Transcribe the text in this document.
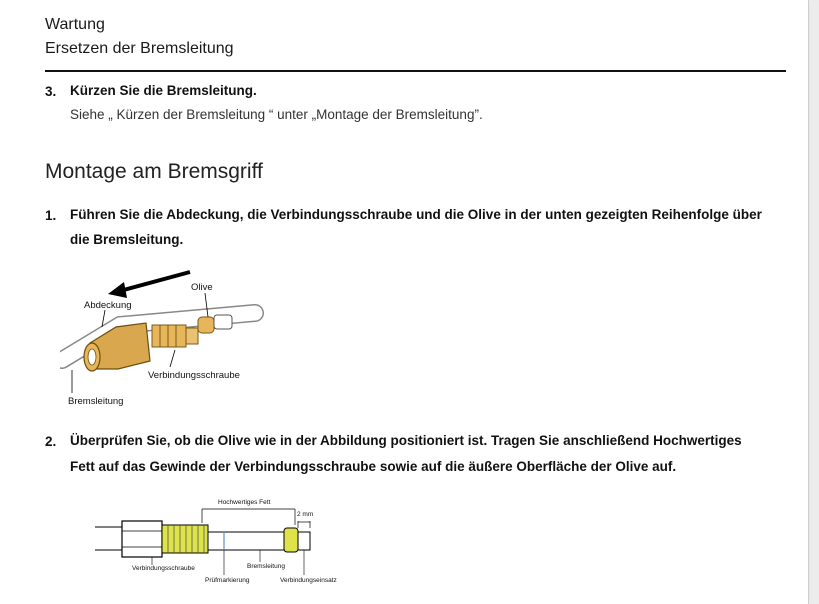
Wartung
Ersetzen der Bremsleitung
3. Kürzen Sie die Bremsleitung.
Siehe „ Kürzen der Bremsleitung “ unter „Montage der Bremsleitung”.
Montage am Bremsgriff
1. Führen Sie die Abdeckung, die Verbindungsschraube und die Olive in der unten gezeigten Reihenfolge über
die Bremsleitung.
Olive
Abdeckung
Verbindungsschraube
Bremsleitung
2. Überprüfen Sie, ob die Olive wie in der Abbildung positioniert ist. Tragen Sie anschließend Hochwertiges
Fett auf das Gewinde der Verbindungsschraube sowie auf die äußere Oberfläche der Olive auf.
Hochwertiges Fett
2 mm
Verbindungsschraube	Bremsleitung
Prüfmarkierung	Verbindungseinsatz
